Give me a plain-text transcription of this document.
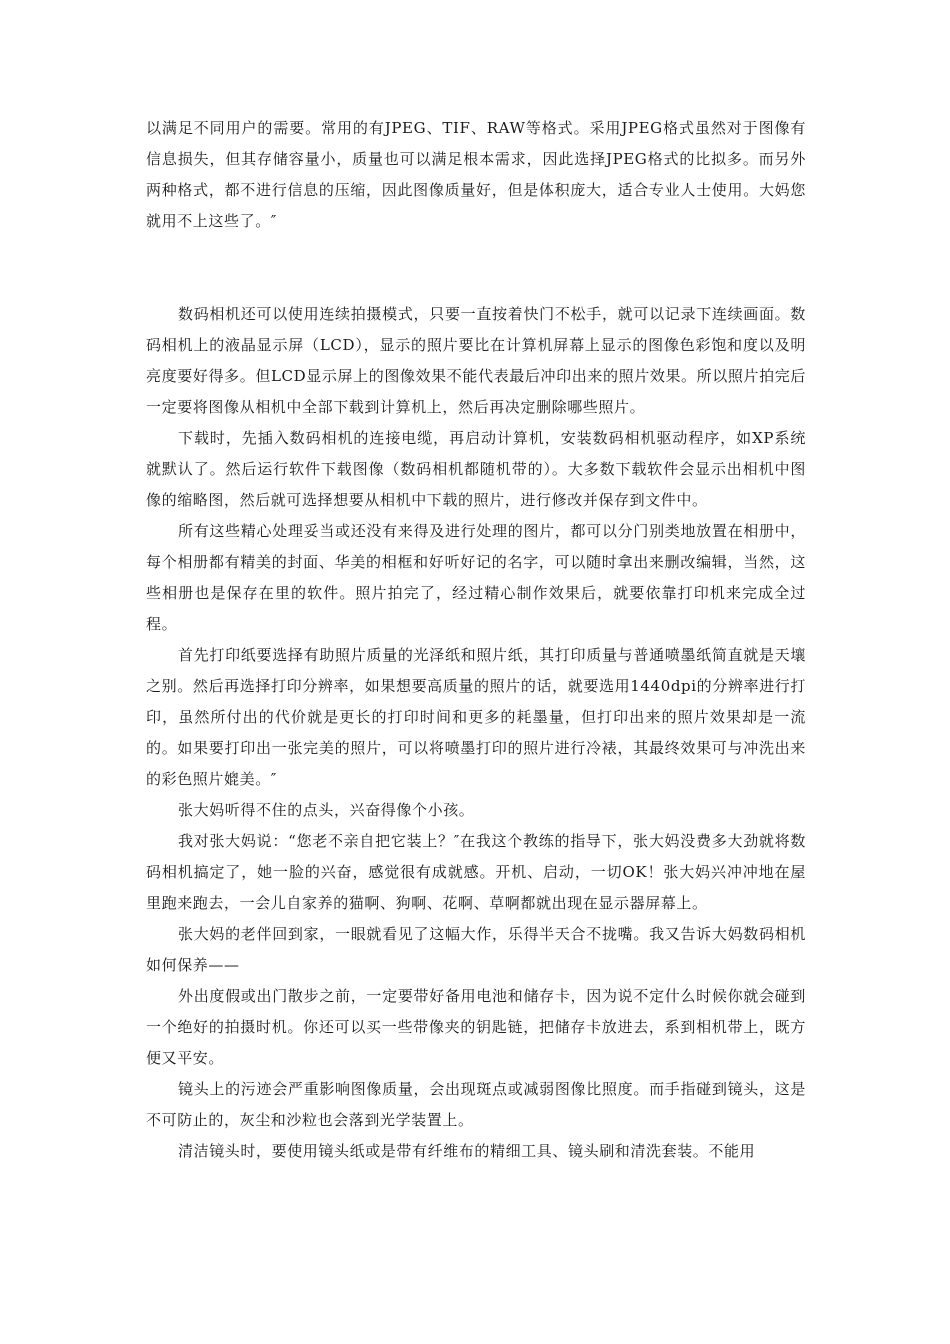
以满足不同用户的需要。常用的有JPEG、TIF、RAW等格式。采用JPEG格式虽然对于图像有信息损失，但其存储容量小，质量也可以满足根本需求，因此选择JPEG格式的比拟多。而另外两种格式，都不进行信息的压缩，因此图像质量好，但是体积庞大，适合专业人士使用。大妈您就用不上这些了。″

数码相机还可以使用连续拍摄模式，只要一直按着快门不松手，就可以记录下连续画面。数码相机上的液晶显示屏（LCD），显示的照片要比在计算机屏幕上显示的图像色彩饱和度以及明亮度要好得多。但LCD显示屏上的图像效果不能代表最后冲印出来的照片效果。所以照片拍完后一定要将图像从相机中全部下载到计算机上，然后再决定删除哪些照片。

下载时，先插入数码相机的连接电缆，再启动计算机，安装数码相机驱动程序，如XP系统就默认了。然后运行软件下载图像（数码相机都随机带的）。大多数下载软件会显示出相机中图像的缩略图，然后就可选择想要从相机中下载的照片，进行修改并保存到文件中。

所有这些精心处理妥当或还没有来得及进行处理的图片，都可以分门别类地放置在相册中，每个相册都有精美的封面、华美的相框和好听好记的名字，可以随时拿出来删改编辑，当然，这些相册也是保存在里的软件。照片拍完了，经过精心制作效果后，就要依靠打印机来完成全过程。

首先打印纸要选择有助照片质量的光泽纸和照片纸，其打印质量与普通喷墨纸简直就是天壤之别。然后再选择打印分辨率，如果想要高质量的照片的话，就要选用1440dpi的分辨率进行打印，虽然所付出的代价就是更长的打印时间和更多的耗墨量，但打印出来的照片效果却是一流的。如果要打印出一张完美的照片，可以将喷墨打印的照片进行冷裱，其最终效果可与冲洗出来的彩色照片媲美。″

张大妈听得不住的点头，兴奋得像个小孩。

我对张大妈说：“您老不亲自把它装上？″在我这个教练的指导下，张大妈没费多大劲就将数码相机搞定了，她一脸的兴奋，感觉很有成就感。开机、启动，一切OK！张大妈兴冲冲地在屋里跑来跑去，一会儿自家养的猫啊、狗啊、花啊、草啊都就出现在显示器屏幕上。

张大妈的老伴回到家，一眼就看见了这幅大作，乐得半天合不拢嘴。我又告诉大妈数码相机如何保养——

外出度假或出门散步之前，一定要带好备用电池和储存卡，因为说不定什么时候你就会碰到一个绝好的拍摄时机。你还可以买一些带像夹的钥匙链，把储存卡放进去，系到相机带上，既方便又平安。

镜头上的污迹会严重影响图像质量，会出现斑点或减弱图像比照度。而手指碰到镜头，这是不可防止的，灰尘和沙粒也会落到光学装置上。

清洁镜头时，要使用镜头纸或是带有纤维布的精细工具、镜头刷和清洗套装。不能用
